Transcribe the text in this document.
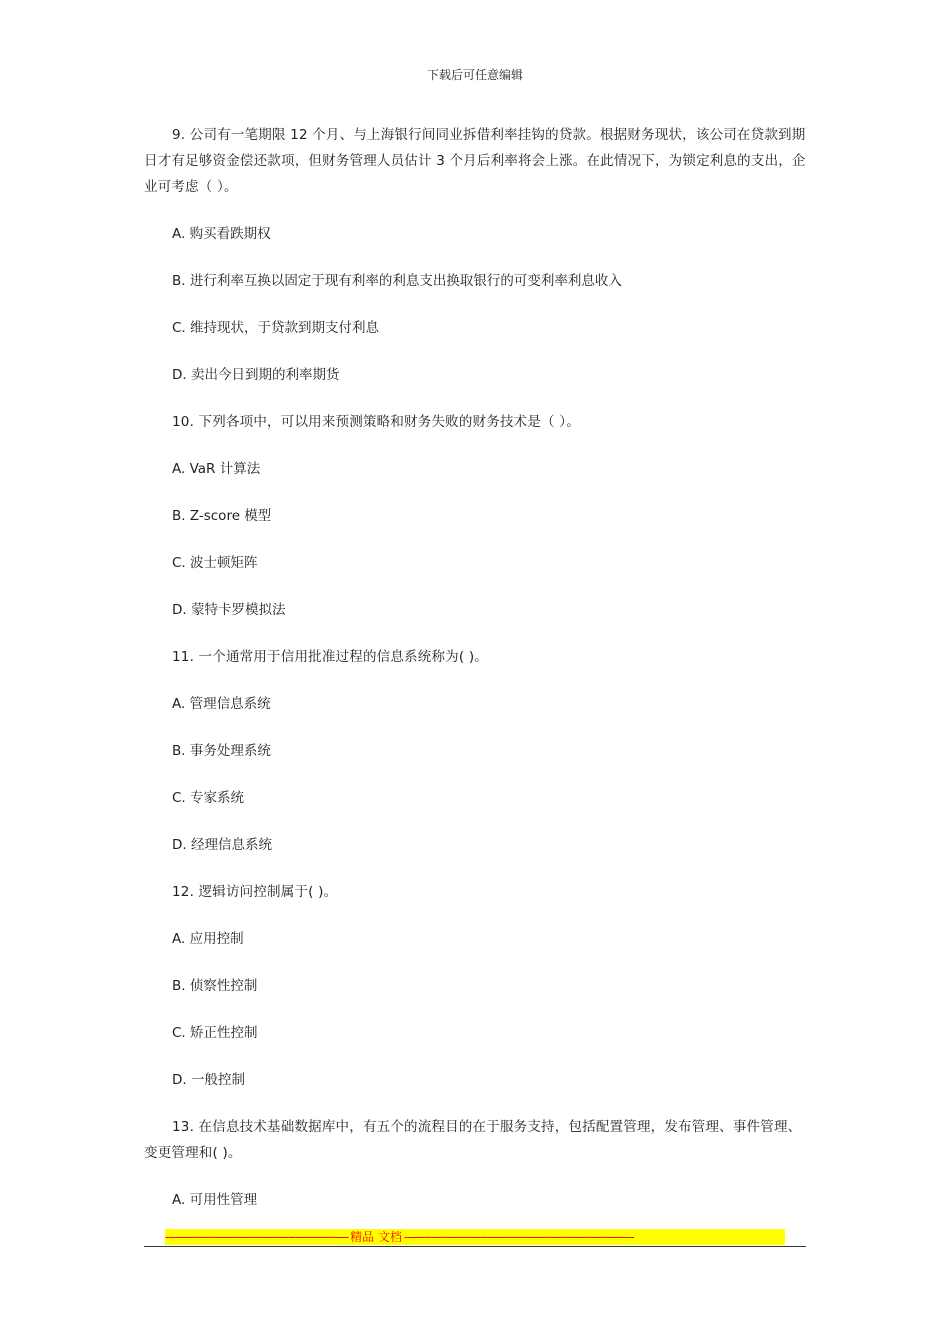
下载后可任意编辑

9. 公司有一笔期限 12 个月、与上海银行间同业拆借利率挂钩的贷款。根据财务现状，该公司在贷款到期日才有足够资金偿还款项，但财务管理人员估计 3 个月后利率将会上涨。在此情况下，为锁定利息的支出，企业可考虑（ ）。

A. 购买看跌期权

B. 进行利率互换以固定于现有利率的利息支出换取银行的可变利率利息收入

C. 维持现状，于贷款到期支付利息

D. 卖出今日到期的利率期货

10. 下列各项中，可以用来预测策略和财务失败的财务技术是（ ）。

A. VaR 计算法

B. Z-score 模型

C. 波士顿矩阵

D. 蒙特卡罗模拟法

11. 一个通常用于信用批准过程的信息系统称为( )。

A. 管理信息系统

B. 事务处理系统

C. 专家系统

D. 经理信息系统

12. 逻辑访问控制属于( )。

A. 应用控制

B. 侦察性控制

C. 矫正性控制

D. 一般控制

13. 在信息技术基础数据库中，有五个的流程目的在于服务支持，包括配置管理，发布管理、事件管理、变更管理和( )。

A. 可用性管理

------------------------------------------------------- 精品 文档 ---------------------------------------------------------------------
